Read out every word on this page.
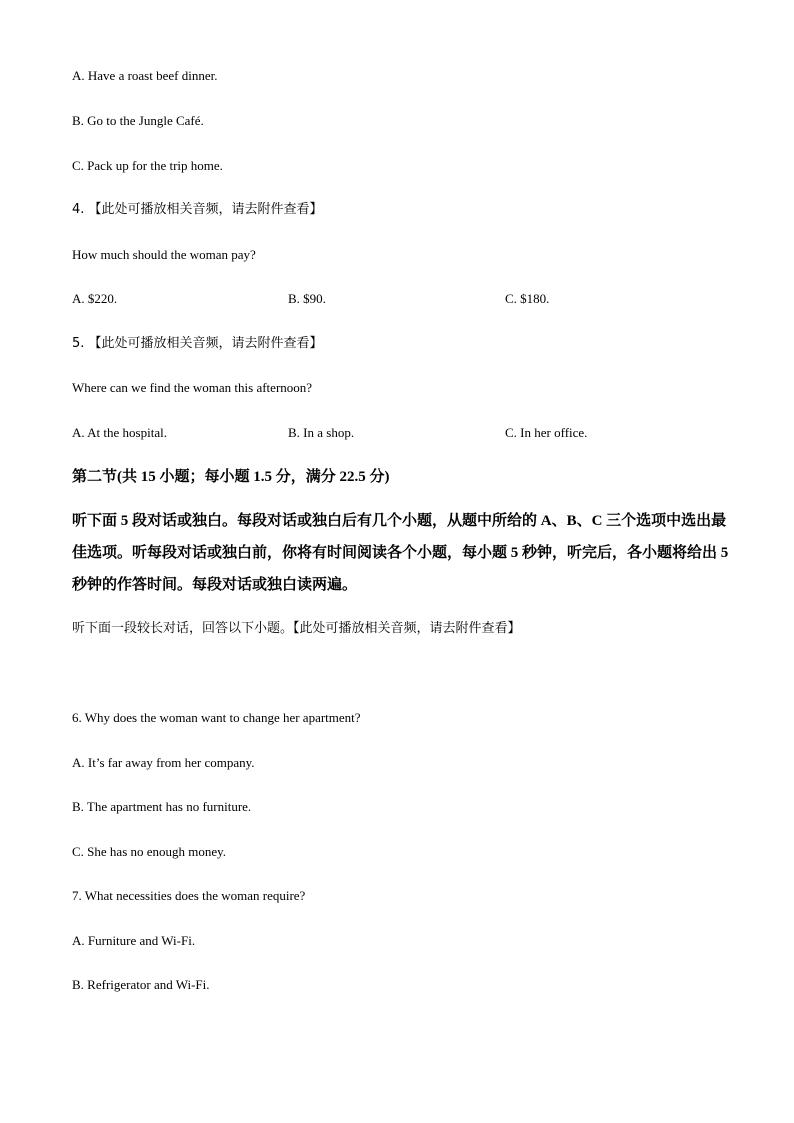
A. Have a roast beef dinner.
B. Go to the Jungle Café.
C. Pack up for the trip home.
4. 【此处可播放相关音频，请去附件查看】
How much should the woman pay?
A. $220.	B. $90.	C. $180.
5. 【此处可播放相关音频，请去附件查看】
Where can we find the woman this afternoon?
A. At the hospital.	B. In a shop.	C. In her office.
第二节(共 15 小题；每小题 1.5 分，满分 22.5 分)
听下面 5 段对话或独白。每段对话或独白后有几个小题，从题中所给的 A、B、C 三个选项中选出最佳选项。听每段对话或独白前，你将有时间阅读各个小题，每小题 5 秒钟，听完后，各小题将给出 5 秒钟的作答时间。每段对话或独白读两遍。
听下面一段较长对话，回答以下小题。【此处可播放相关音频，请去附件查看】
6. Why does the woman want to change her apartment?
A. It’s far away from her company.
B. The apartment has no furniture.
C. She has no enough money.
7. What necessities does the woman require?
A. Furniture and Wi-Fi.
B. Refrigerator and Wi-Fi.
